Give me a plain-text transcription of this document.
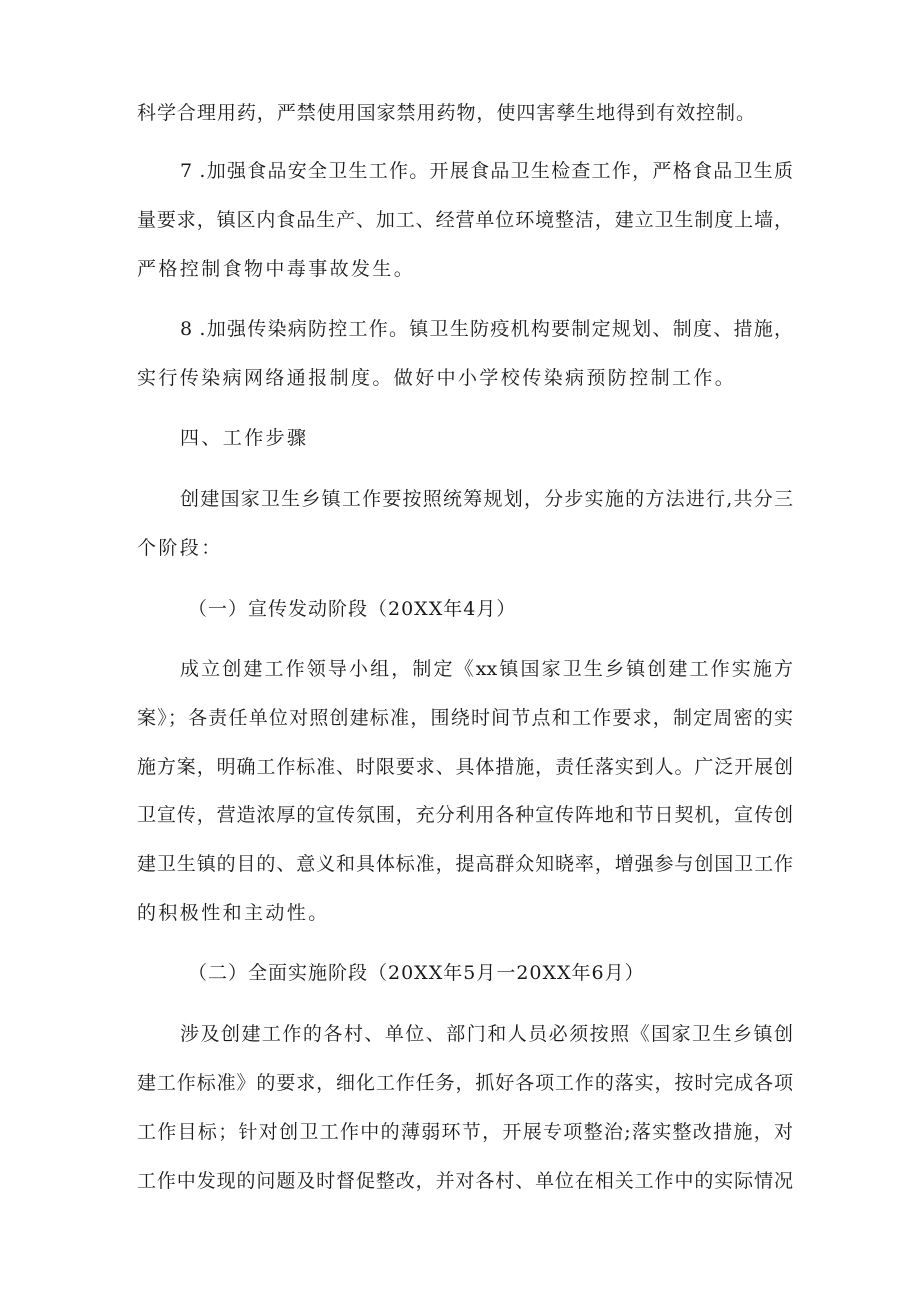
科学合理用药，严禁使用国家禁用药物，使四害孳生地得到有效控制。
7 .加强食品安全卫生工作。开展食品卫生检查工作，严格食品卫生质
量要求，镇区内食品生产、加工、经营单位环境整洁，建立卫生制度上墙，
严格控制食物中毒事故发生。
8 .加强传染病防控工作。镇卫生防疫机构要制定规划、制度、措施，
实行传染病网络通报制度。做好中小学校传染病预防控制工作。
四、工作步骤
创建国家卫生乡镇工作要按照统筹规划，分步实施的方法进行,共分三
个阶段：
（一）宣传发动阶段（20XX年4月）
成立创建工作领导小组，制定《xx镇国家卫生乡镇创建工作实施方
案》；各责任单位对照创建标准，围绕时间节点和工作要求，制定周密的实
施方案，明确工作标准、时限要求、具体措施，责任落实到人。广泛开展创
卫宣传，营造浓厚的宣传氛围，充分利用各种宣传阵地和节日契机，宣传创
建卫生镇的目的、意义和具体标准，提高群众知晓率，增强参与创国卫工作
的积极性和主动性。
（二）全面实施阶段（20XX年5月一20XX年6月）
涉及创建工作的各村、单位、部门和人员必须按照《国家卫生乡镇创
建工作标准》的要求，细化工作任务，抓好各项工作的落实，按时完成各项
工作目标；针对创卫工作中的薄弱环节，开展专项整治;落实整改措施，对
工作中发现的问题及时督促整改，并对各村、单位在相关工作中的实际情况
